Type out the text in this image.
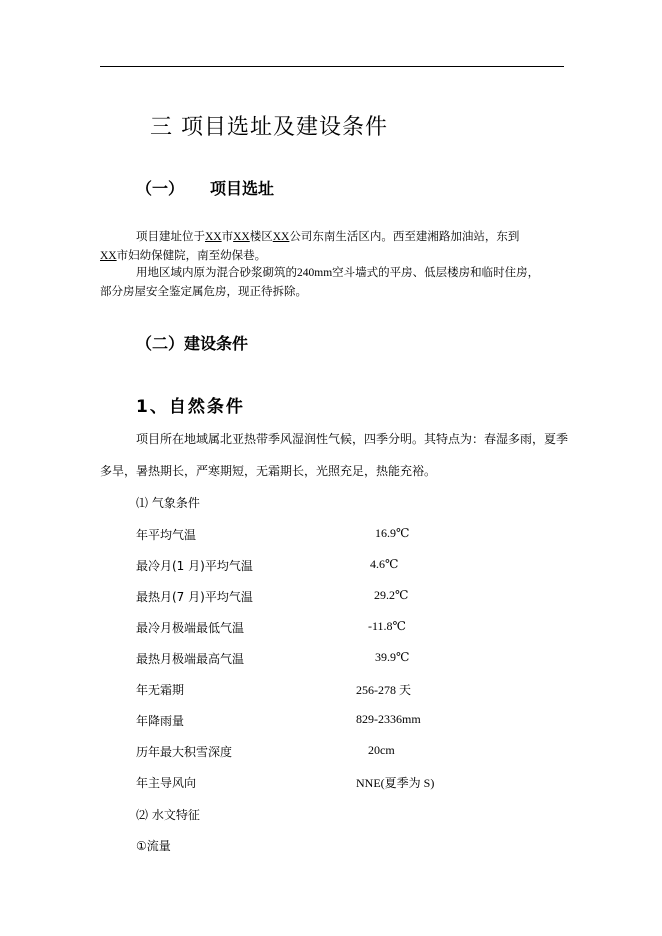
三 项目选址及建设条件
（一） 项目选址
项目建址位于XX市XX楼区XX公司东南生活区内。西至建湘路加油站，东到
XX市妇幼保健院，南至幼保巷。
用地区域内原为混合砂浆砌筑的240mm空斗墙式的平房、低层楼房和临时住房，
部分房屋安全鉴定属危房，现正待拆除。
（二）建设条件
1、自然条件
项目所在地域属北亚热带季风湿润性气候，四季分明。其特点为：春湿多雨，夏季
多旱，暑热期长，严寒期短，无霜期长，光照充足，热能充裕。
⑴ 气象条件
年平均气温	16.9℃
最冷月(1 月)平均气温	4.6℃
最热月(7 月)平均气温	29.2℃
最冷月极端最低气温	-11.8℃
最热月极端最高气温	39.9℃
年无霜期	256-278 天
年降雨量	829-2336mm
历年最大积雪深度	20cm
年主导风向	NNE(夏季为 S)
⑵ 水文特征
①流量
